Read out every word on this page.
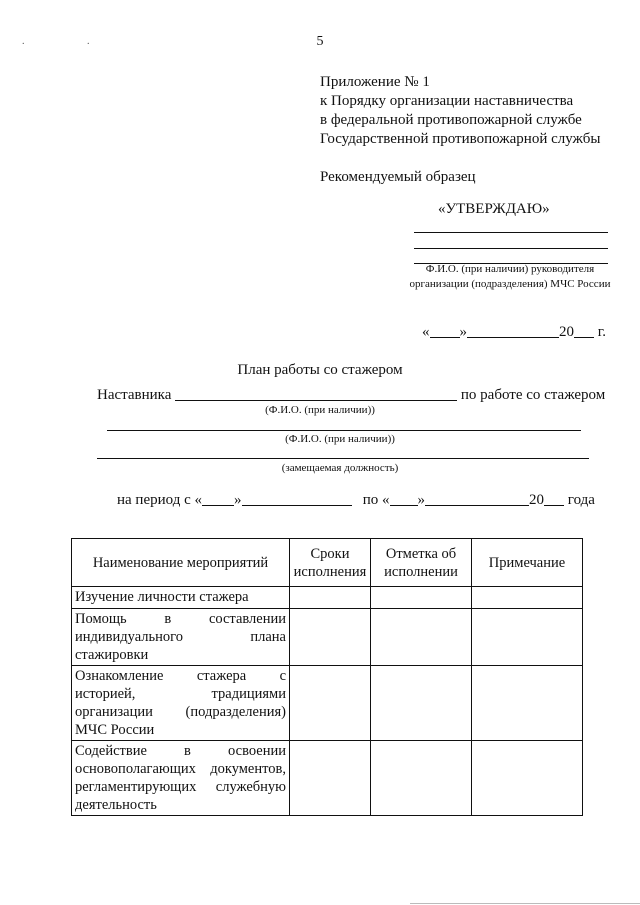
5
. .
Приложение № 1
к Порядку организации наставничества
в федеральной противопожарной службе
Государственной противопожарной службы
Рекомендуемый образец
«УТВЕРЖДАЮ»
Ф.И.О. (при наличии) руководителя
организации (подразделения) МЧС России
« »	20 г.
План работы со стажером
Наставника	по работе со стажером
(Ф.И.О. (при наличии))
(Ф.И.О. (при наличии))
(замещаемая должность)
на период с « »	по « »	20 года
Наименование мероприятий	Сроки исполнения	Отметка об исполнении	Примечание
Изучение личности стажера			
Помощь в составлении индивидуального плана стажировки			
Ознакомление стажера с историей, традициями организации (подразделения) МЧС России			
Содействие в освоении основополагающих документов, регламентирующих служебную деятельность			
